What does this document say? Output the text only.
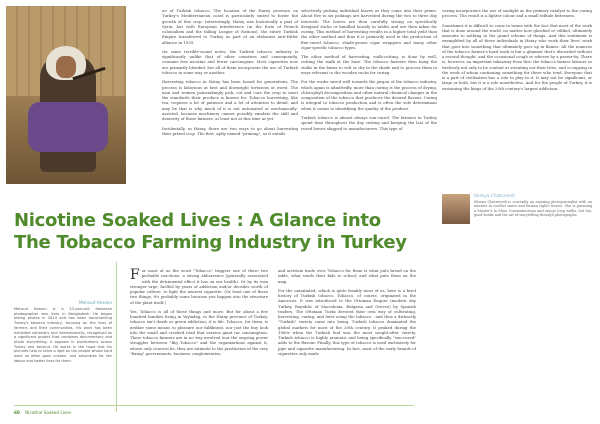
ue of Turkish tobacco. The location of the Harey province on Turkey's Mediterranean coast is particularly suited to foster the growth of this crop. Interestingly, Hatay was historically a part of Syria, but with European interference (in the form of French colonialism and the failing League of Nations), the entire Turkish Empire transferred to Turkey as part of an elaborate anti-Hitler alliance in 1939.

On some terrible-sound notes, the Turkish tobacco industry is significantly unlike that of other countries and consequently, contains less nicotine and fewer carcinogens. Most cigarettes now are primarily blended, but all of them incorporate the use of Turkish tobacco in some way or another.

Harvesting tobacco in Hatay has been honed for generations. The process is laborious at best and downright torturous at worst. The men and women painstakingly pick, cut and cure the crop to meet the standards their produce is known for. Tobacco harvesting, like tea, requires a lot of patience and a lot of attention to detail, and may be that is why much of it is not automated or mechanically-assisted, because machinery cannot possibly emulate the skill and dexterity of these farmers, at least not at this time as yet.

Incidentally, in Hatay, there are two ways to go about harvesting their prized crop. The first, aptly named "priming", as it entails

selectively picking individual leaves as they come into their prime. About five to six pickings are harvested during the two to three day intervals. The leaves are then carefully strung on specifically designed sticks or bundled loosely in tables and are then taken for curing. This method of harvesting results in a higher total yield than the other method and thus it is primarily used in the production of flue-cured tobacco, shade-grown cigar wrappers and many other cigar-specific tobacco types.

The other method of harvesting, stalk-cutting, is done by well, cutting the stalk at the base. The tobacco farmers then hang the stalks in the barns to wilt or dry in the shade and to process them in ways relevant to the wooden racks for curing.

For the works saved well towards the jargon of the tobacco industry, which again is admittedly, more than curing is the process of drying, chlorophyll decomposition and other natural chemical changes in the composition of the tobacco that produces the desired flavour. Curing is integral to tobacco production and is often the sole determinant when it comes to identifying the quality of the produce.

Turkish tobacco is almost always sun-cured. The farmers in Turkey spend time throughout the day cutting and keeping the last of the cured leaves shipped to manufacturers. This type of

curing incorporates the use of sunlight as the primary catalyst to the curing process. The result is a lighter colour and a small telltale bitterness.

Sometimes it is difficult to come to terms with the fact that most of the work that is done around the world, no matter how glorified or vilified, ultimately amounts to nothing in the grand scheme of things. And this sentiment is exemplified by all of these individuals in Hatay who work their lives' work that goes into something that ultimately goes up in flames. All the nuances of the tobacco farmer's hard work is but a glimmer that's discarded without a second thought, and the occasional cough or wheeze by a passer-by. There is, however, an important takeaway from this: the tobacco farmer labours so tirelessly not only to be content at sweating out their lives, and occupying in the work of whom continuing something for these who tend. Everyone that is a part of civilisation has a role to play in it. It may not be significant, or large or both, but it is a role nonetheless. And for the people of Turkey, it is sustaining the kings of the 20th century's largest addiction.

Shreya Chaturvedi
Shreya Chaturvedi is currently an aspiring photojournalist with an interest in conflict zones and human rights stories. She is pursuing a Master's in Mass Communication and enjoys long walks, hot tea, good books and the art of storytelling through photographs.
Nicotine Soaked Lives : A Glance into
The Tobacco Farming Industry in Turkey
Mehsud Hossen
Mehsud Hossen is a 23-year-old freelance photographer who lives in Bangladesh. He began taking photos in 2014 and has been documenting Turkey's tobacco industry, focusing on the lives of farmers and their communities. His work has been exhibited nationally and internationally; recognised as a significant project that combines documentary and photo storytelling, it appears in publications across Turkey and beyond. He works in the hope that his pictures help to shine a light on the people whose hard work so often goes unseen, and advocates for fair labour and better lives for them.

For most of us the word "Tobacco" triggers one of these two probable reactions; a strong abhorrence (generally associated with the detrimental effect it has on our health). Or by its own stronger urge, fuelled by years of addiction and/or decades worth of popular culture, to light the nearest cigarette. (Or least one of these two things, it's probably some because you happen into the structure of the plant itself.)

Yes, Tobacco is all of these things and more. But for about a few hundred families living in Yayladag, in the Hatay province of Turkey, tobacco isn't death or green addiction; it is life. Tobacco, for them, is neither some means to pleasure nor fulfilment, nor just the buy look into the small and crooked road that various giant tar consumption. These tobacco farmers are in no way involved (nor the ongoing power struggles between "Big Tobacco" and the organizations against it, whose only concern be, they are intimate to the production of the very "fixing" governments, business conglomerates,

and activism trade over. Tobacco for them is what puts bread on the table, what sends their kids to school; and what puts them on the map.

For the uninitiated, which is quite frankly most of us, here is a brief history of Turkish tobacco. Tobacco, of course, originated in the Americas. It was introduced to the Ottoman Empire (modern day Turkey, Republic of Macedonia, Bulgaria and Greece) by Spanish traders. The Ottoman Turks devoted their own way of cultivating, harvesting, curing, and later using the tobacco - and thus a distinctly "Turkish" variety came into being. Turkish tobacco dominated the global markets for most of the 20th century. It peaked during the 1960s when the Turkish leaf was the most sought-after variety. Turkish tobacco is highly aromatic and being specifically "sun-cured" adds to the flavour. Finally, this type of tobacco is used exclusively for pipe and cigarette manufacturing. In fact, most of the early brands of cigarettes only made

60 Nicotine Soaked Lives
